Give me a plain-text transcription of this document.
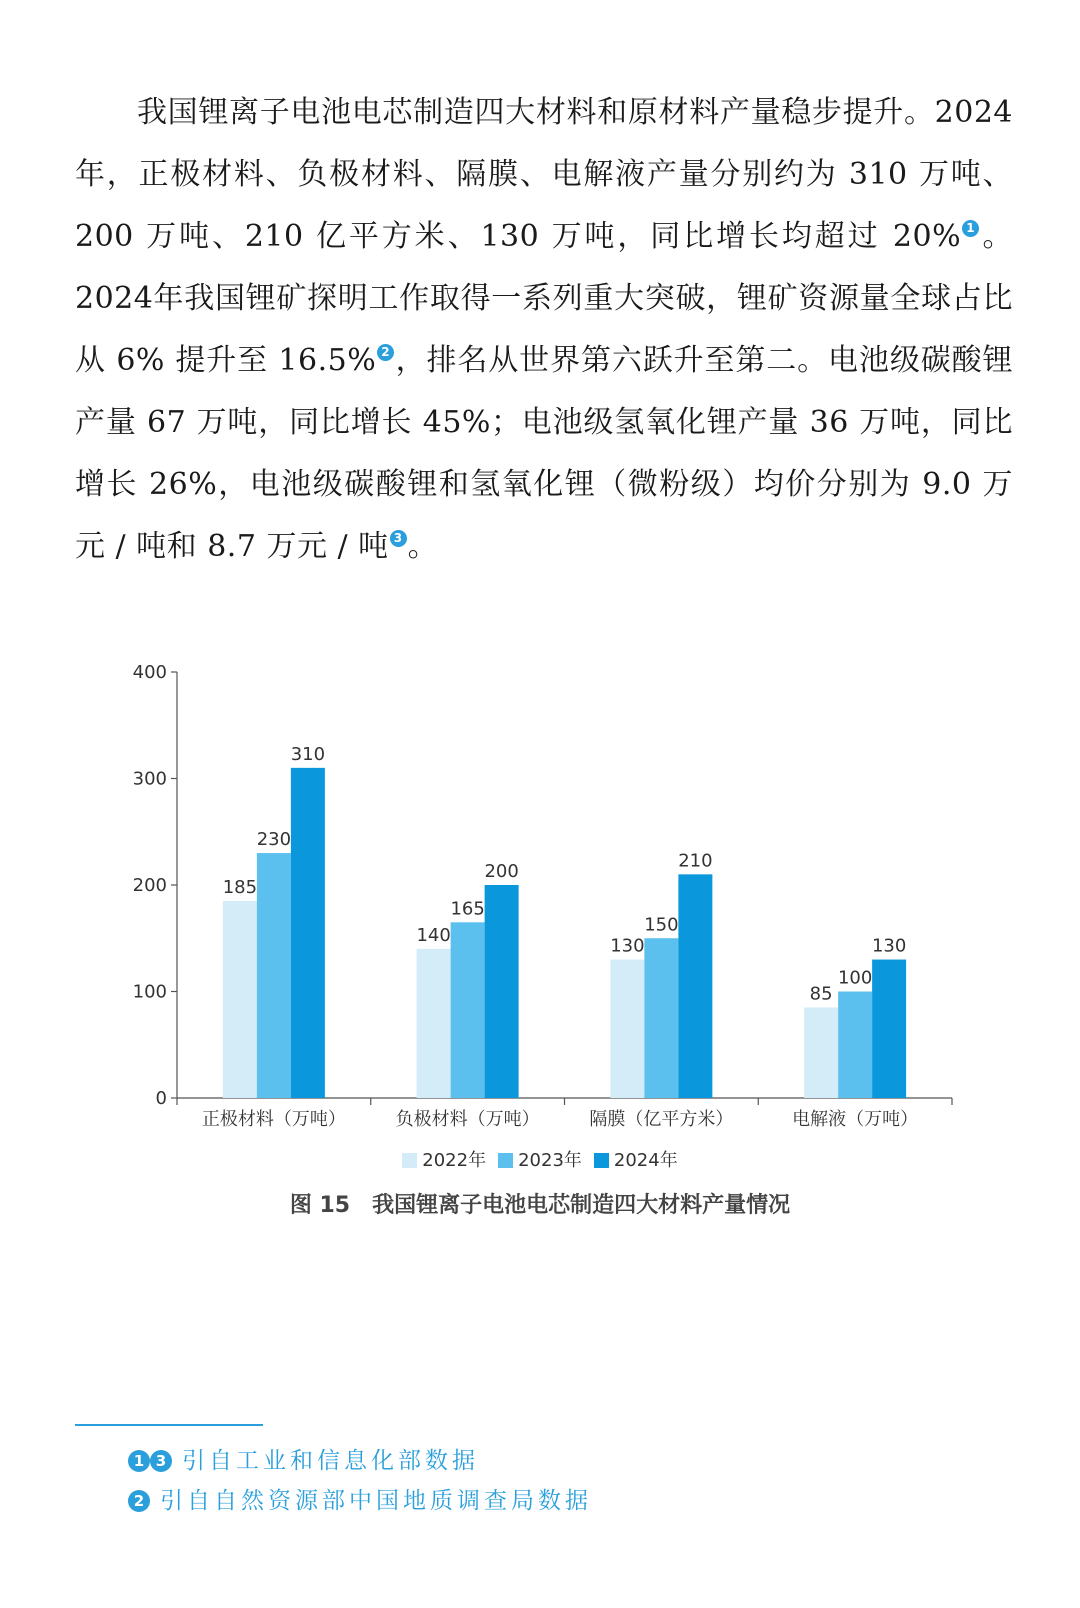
我国锂离子电池电芯制造四大材料和原材料产量稳步提升。2024年，正极材料、负极材料、隔膜、电解液产量分别约为 310 万吨、200 万吨、210 亿平方米、130 万吨，同比增长均超过 20% 1 。2024年我国锂矿探明工作取得一系列重大突破，锂矿资源量全球占比从 6% 提升至 16.5% 2 ，排名从世界第六跃升至第二。电池级碳酸锂产量 67 万吨，同比增长 45%；电池级氢氧化锂产量 36 万吨，同比增长 26%，电池级碳酸锂和氢氧化锂（微粉级）均价分别为 9.0 万元 / 吨和 8.7 万元 / 吨 3 。
0
100
200
300
400
正极材料（万吨）
185
230
310
负极材料（万吨）
140
165
200
隔膜（亿平方米）
130
150
210
电解液（万吨）
85
100
130
2022年 2023年 2024年
图 15 我国锂离子电池电芯制造四大材料产量情况
1 3 引自工业和信息化部数据
2 引自自然资源部中国地质调查局数据
